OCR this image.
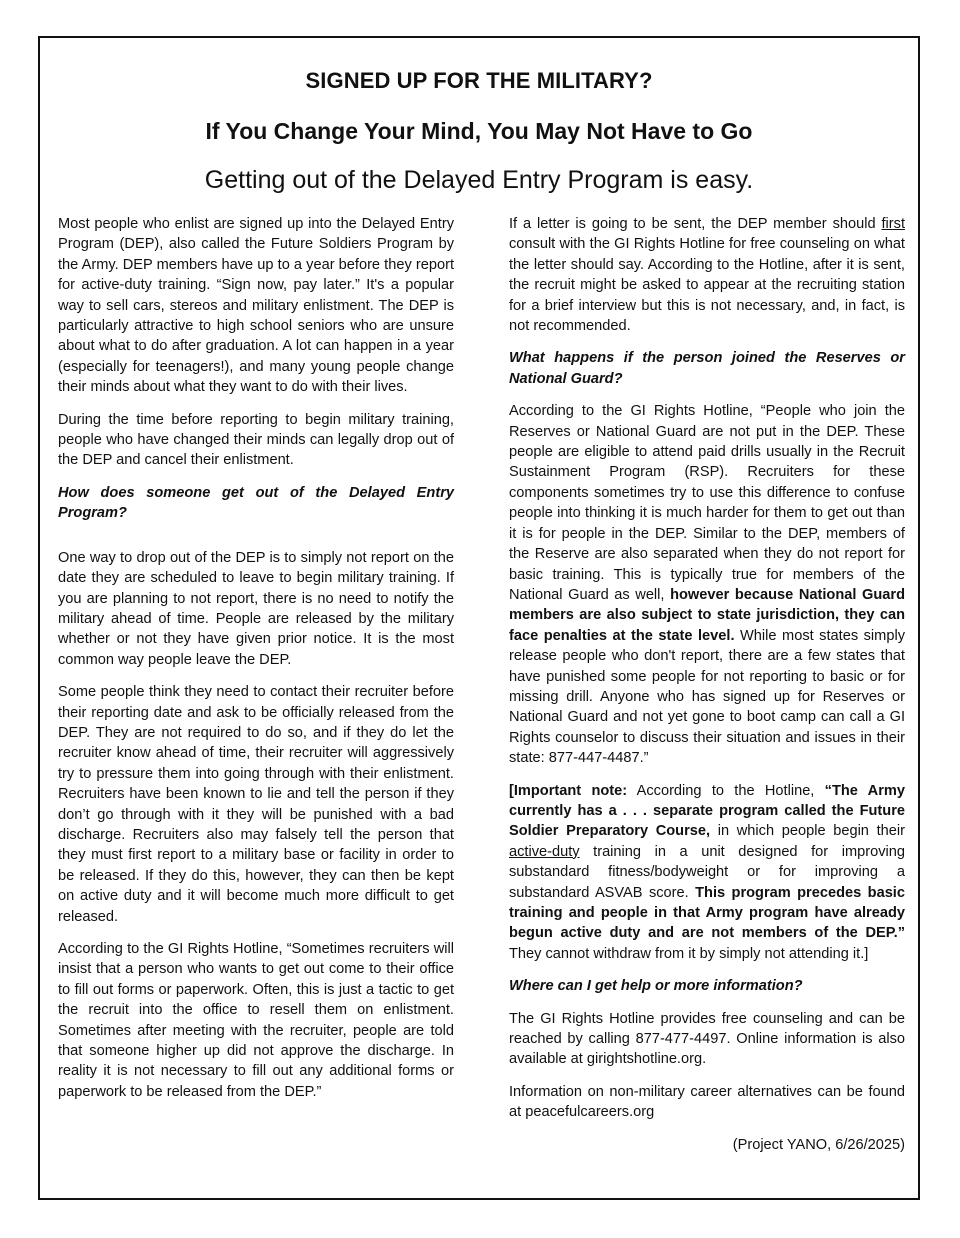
SIGNED UP FOR THE MILITARY?
If You Change Your Mind, You May Not Have to Go
Getting out of the Delayed Entry Program is easy.

Most people who enlist are signed up into the Delayed Entry Program (DEP), also called the Future Soldiers Program by the Army. DEP members have up to a year before they report for active-duty training. “Sign now, pay later.” It's a popular way to sell cars, stereos and military enlistment. The DEP is particularly attractive to high school seniors who are unsure about what to do after graduation. A lot can happen in a year (especially for teenagers!), and many young people change their minds about what they want to do with their lives.

During the time before reporting to begin military training, people who have changed their minds can legally drop out of the DEP and cancel their enlistment.

How does someone get out of the Delayed Entry Program?

One way to drop out of the DEP is to simply not report on the date they are scheduled to leave to begin military training. If you are planning to not report, there is no need to notify the military ahead of time. People are released by the military whether or not they have given prior notice. It is the most common way people leave the DEP.

Some people think they need to contact their recruiter before their reporting date and ask to be officially released from the DEP. They are not required to do so, and if they do let the recruiter know ahead of time, their recruiter will aggressively try to pressure them into going through with their enlistment. Recruiters have been known to lie and tell the person if they don’t go through with it they will be punished with a bad discharge. Recruiters also may falsely tell the person that they must first report to a military base or facility in order to be released. If they do this, however, they can then be kept on active duty and it will become much more difficult to get released.

According to the GI Rights Hotline, “Sometimes recruiters will insist that a person who wants to get out come to their office to fill out forms or paperwork. Often, this is just a tactic to get the recruit into the office to resell them on enlistment. Sometimes after meeting with the recruiter, people are told that someone higher up did not approve the discharge. In reality it is not necessary to fill out any additional forms or paperwork to be released from the DEP.”

If a letter is going to be sent, the DEP member should first consult with the GI Rights Hotline for free counseling on what the letter should say. According to the Hotline, after it is sent, the recruit might be asked to appear at the recruiting station for a brief interview but this is not necessary, and, in fact, is not recommended.

What happens if the person joined the Reserves or National Guard?

According to the GI Rights Hotline, “People who join the Reserves or National Guard are not put in the DEP. These people are eligible to attend paid drills usually in the Recruit Sustainment Program (RSP). Recruiters for these components sometimes try to use this difference to confuse people into thinking it is much harder for them to get out than it is for people in the DEP. Similar to the DEP, members of the Reserve are also separated when they do not report for basic training. This is typically true for members of the National Guard as well, however because National Guard members are also subject to state jurisdiction, they can face penalties at the state level. While most states simply release people who don't report, there are a few states that have punished some people for not reporting to basic or for missing drill. Anyone who has signed up for Reserves or National Guard and not yet gone to boot camp can call a GI Rights counselor to discuss their situation and issues in their state: 877-447-4487.”

[Important note: According to the Hotline, “The Army currently has a . . . separate program called the Future Soldier Preparatory Course, in which people begin their active-duty training in a unit designed for improving substandard fitness/bodyweight or for improving a substandard ASVAB score. This program precedes basic training and people in that Army program have already begun active duty and are not members of the DEP.” They cannot withdraw from it by simply not attending it.]

Where can I get help or more information?

The GI Rights Hotline provides free counseling and can be reached by calling 877-477-4497. Online information is also available at girightshotline.org.

Information on non-military career alternatives can be found at peacefulcareers.org

(Project YANO, 6/26/2025)
